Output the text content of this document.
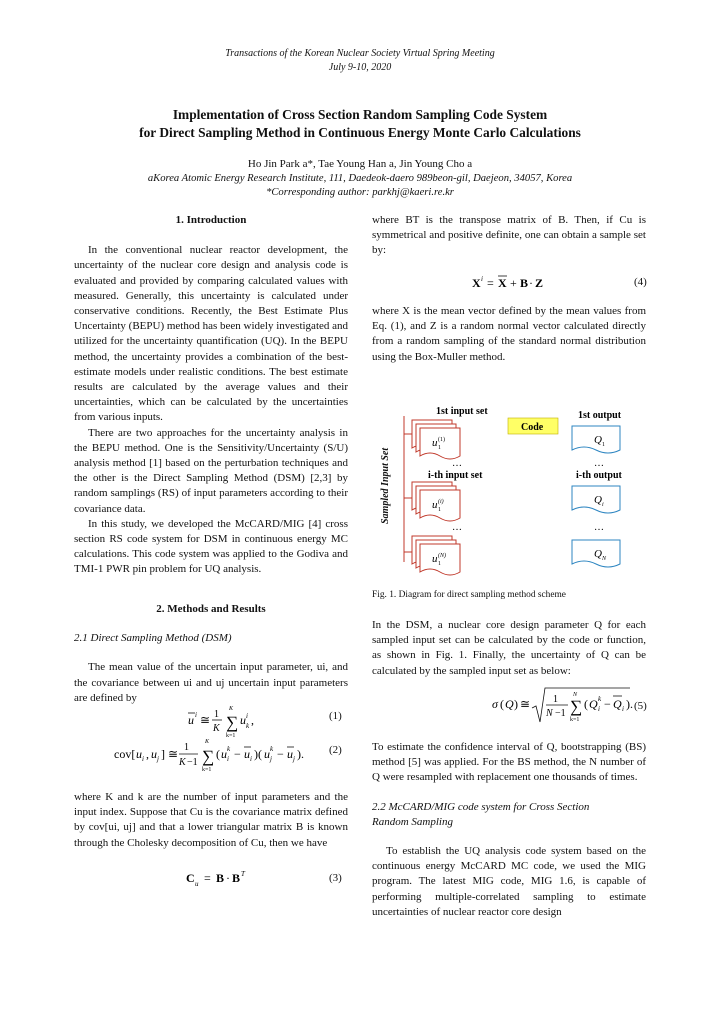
Transactions of the Korean Nuclear Society Virtual Spring Meeting
July 9-10, 2020
Implementation of Cross Section Random Sampling Code System
for Direct Sampling Method in Continuous Energy Monte Carlo Calculations
Ho Jin Park a*, Tae Young Han a, Jin Young Cho a
aKorea Atomic Energy Research Institute, 111, Daedeok-daero 989beon-gil, Daejeon, 34057, Korea
*Corresponding author: parkhj@kaeri.re.kr
1. Introduction

In the conventional nuclear reactor development, the uncertainty of the nuclear core design and analysis code is evaluated and provided by comparing calculated values with measured. Generally, this uncertainty is calculated under conservative conditions. Recently, the Best Estimate Plus Uncertainty (BEPU) method has been widely investigated and utilized for the uncertainty quantification (UQ). In the BEPU method, the uncertainty provides a combination of the best-estimate models under realistic conditions. The best estimate results are calculated by the average values and their uncertainties, which can be calculated by the uncertainties from various inputs.

There are two approaches for the uncertainty analysis in the BEPU method. One is the Sensitivity/Uncertainty (S/U) analysis method [1] based on the perturbation techniques and the other is the Direct Sampling Method (DSM) [2,3] by random samplings (RS) of input parameters according to their covariance data.

In this study, we developed the McCARD/MIG [4] cross section RS code system for DSM in continuous energy MC calculations. This code system was applied to the Godiva and TMI-1 PWR pin problem for UQ analysis.

2. Methods and Results
2.1 Direct Sampling Method (DSM)

The mean value of the uncertain input parameter, ui, and the covariance between ui and uj uncertain input parameters are defined by

u i ≅ 1
K ∑
K
k=1
u i
k ,	(1)
cov[ u i , u j ] ≅ 1
K −1 ∑
K
k=1
( u k
i − u i )( u k
j − u j ). (2)

where K and k are the number of input parameters and the input index. Suppose that Cu is the covariance matrix defined by cov[ui, uj] and that a lower triangular matrix B is known through the Cholesky decomposition of Cu, then we have

C u = B · B T	(3)

where BT is the transpose matrix of B. Then, if Cu is symmetrical and positive definite, one can obtain a sample set by:

X i = X + B · Z	(4)

where X is the mean vector defined by the mean values from Eq. (1), and Z is a random normal vector calculated directly from a random sampling of the standard normal distribution using the Box-Muller method.

Sampled Input Set
u (1)
1
u (i)
1
u (N)
1
1st input set
i-th input set
…
…
Code
1st output
i-th output
Q 1
Q i
Q N
…
…
Fig. 1. Diagram for direct sampling method scheme

In the DSM, a nuclear core design parameter Q for each sampled input set can be calculated by the code or function, as shown in Fig. 1. Finally, the uncertainty of Q can be calculated by the sampled input set as below:

σ ( Q ) ≅ 1
N −1 ∑
N
k=1
( Q k
i − Q i ). (5)

To estimate the confidence interval of Q, bootstrapping (BS) method [5] was applied. For the BS method, the N number of Q were resampled with replacement one thousands of times.

2.2 McCARD/MIG code system for Cross Section
Random Sampling

To establish the UQ analysis code system based on the continuous energy McCARD MC code, we used the MIG program. The latest MIG code, MIG 1.6, is capable of performing multiple-correlated sampling to estimate uncertainties of nuclear reactor core design
